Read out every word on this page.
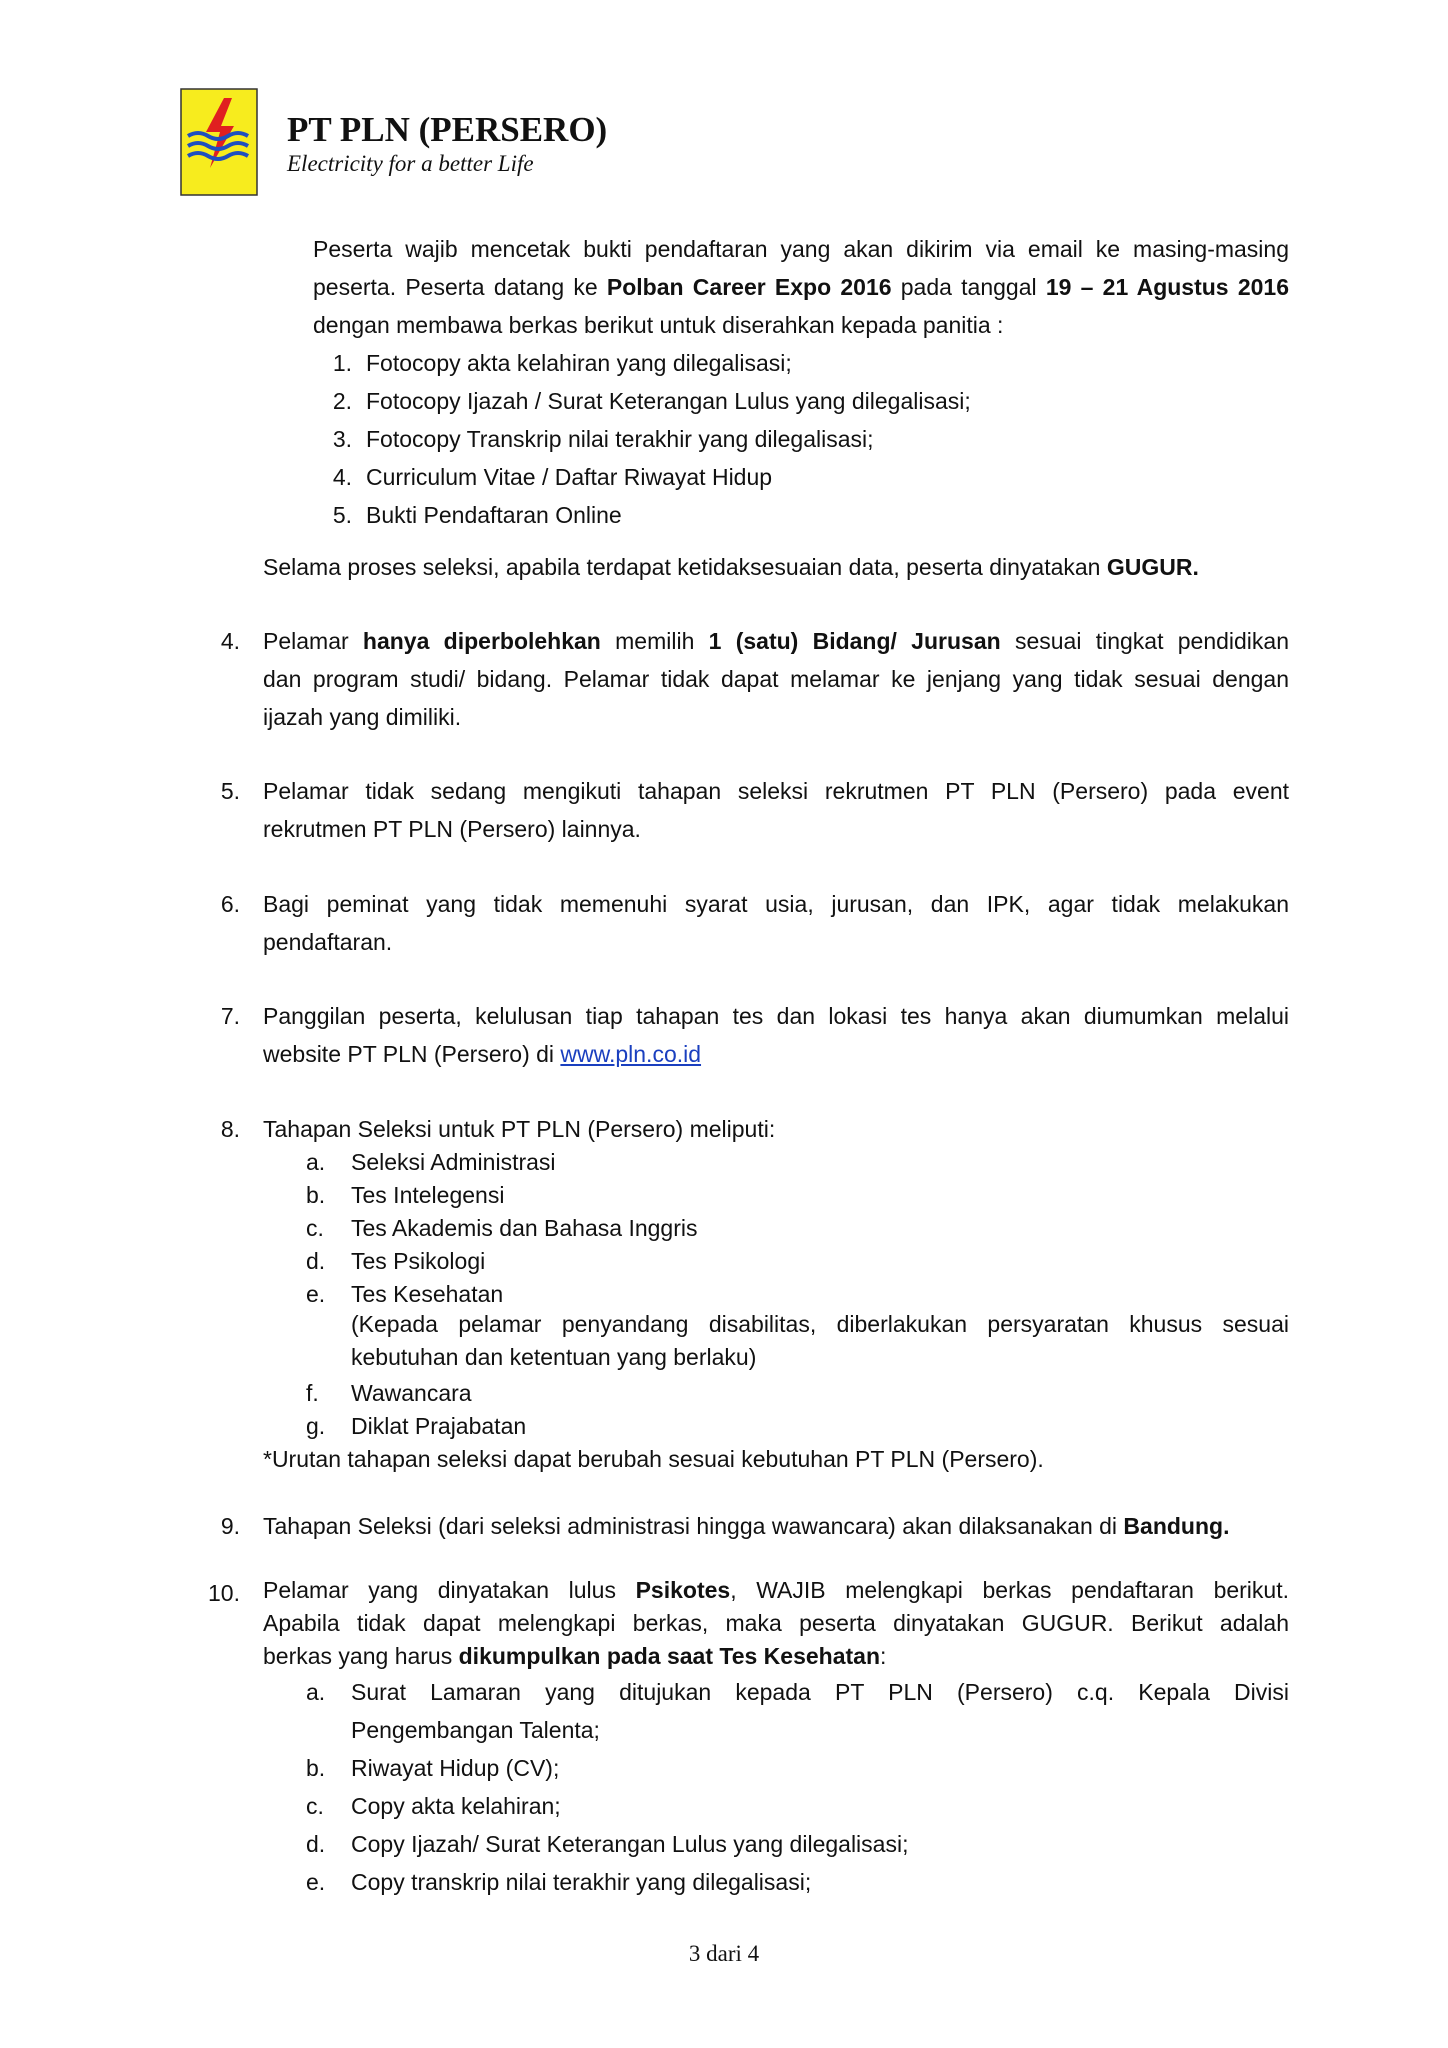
PT PLN (PERSERO)
Electricity for a better Life
Peserta wajib mencetak bukti pendaftaran yang akan dikirim via email ke masing-masing
peserta. Peserta datang ke Polban Career Expo 2016 pada tanggal 19 – 21 Agustus 2016
dengan membawa berkas berikut untuk diserahkan kepada panitia :
1. Fotocopy akta kelahiran yang dilegalisasi;
2. Fotocopy Ijazah / Surat Keterangan Lulus yang dilegalisasi;
3. Fotocopy Transkrip nilai terakhir yang dilegalisasi;
4. Curriculum Vitae / Daftar Riwayat Hidup
5. Bukti Pendaftaran Online
Selama proses seleksi, apabila terdapat ketidaksesuaian data, peserta dinyatakan GUGUR.
4. Pelamar hanya diperbolehkan memilih 1 (satu) Bidang/ Jurusan sesuai tingkat pendidikan
dan program studi/ bidang. Pelamar tidak dapat melamar ke jenjang yang tidak sesuai dengan
ijazah yang dimiliki.
5. Pelamar tidak sedang mengikuti tahapan seleksi rekrutmen PT PLN (Persero) pada event
rekrutmen PT PLN (Persero) lainnya.
6. Bagi peminat yang tidak memenuhi syarat usia, jurusan, dan IPK, agar tidak melakukan
pendaftaran.
7. Panggilan peserta, kelulusan tiap tahapan tes dan lokasi tes hanya akan diumumkan melalui
website PT PLN (Persero) di www.pln.co.id
8. Tahapan Seleksi untuk PT PLN (Persero) meliputi:
a.	Seleksi Administrasi
b.	Tes Intelegensi
c.	Tes Akademis dan Bahasa Inggris
d.	Tes Psikologi
e.	Tes Kesehatan
(Kepada pelamar penyandang disabilitas, diberlakukan persyaratan khusus sesuai
kebutuhan dan ketentuan yang berlaku)
f.	Wawancara
g.	Diklat Prajabatan
*Urutan tahapan seleksi dapat berubah sesuai kebutuhan PT PLN (Persero).
9. Tahapan Seleksi (dari seleksi administrasi hingga wawancara) akan dilaksanakan di Bandung.
10. Pelamar yang dinyatakan lulus Psikotes, WAJIB melengkapi berkas pendaftaran berikut.
Apabila tidak dapat melengkapi berkas, maka peserta dinyatakan GUGUR. Berikut adalah
berkas yang harus dikumpulkan pada saat Tes Kesehatan:
a.	Surat Lamaran yang ditujukan kepada PT PLN (Persero) c.q. Kepala Divisi
Pengembangan Talenta;
b.	Riwayat Hidup (CV);
c.	Copy akta kelahiran;
d.	Copy Ijazah/ Surat Keterangan Lulus yang dilegalisasi;
e.	Copy transkrip nilai terakhir yang dilegalisasi;
3 dari 4
